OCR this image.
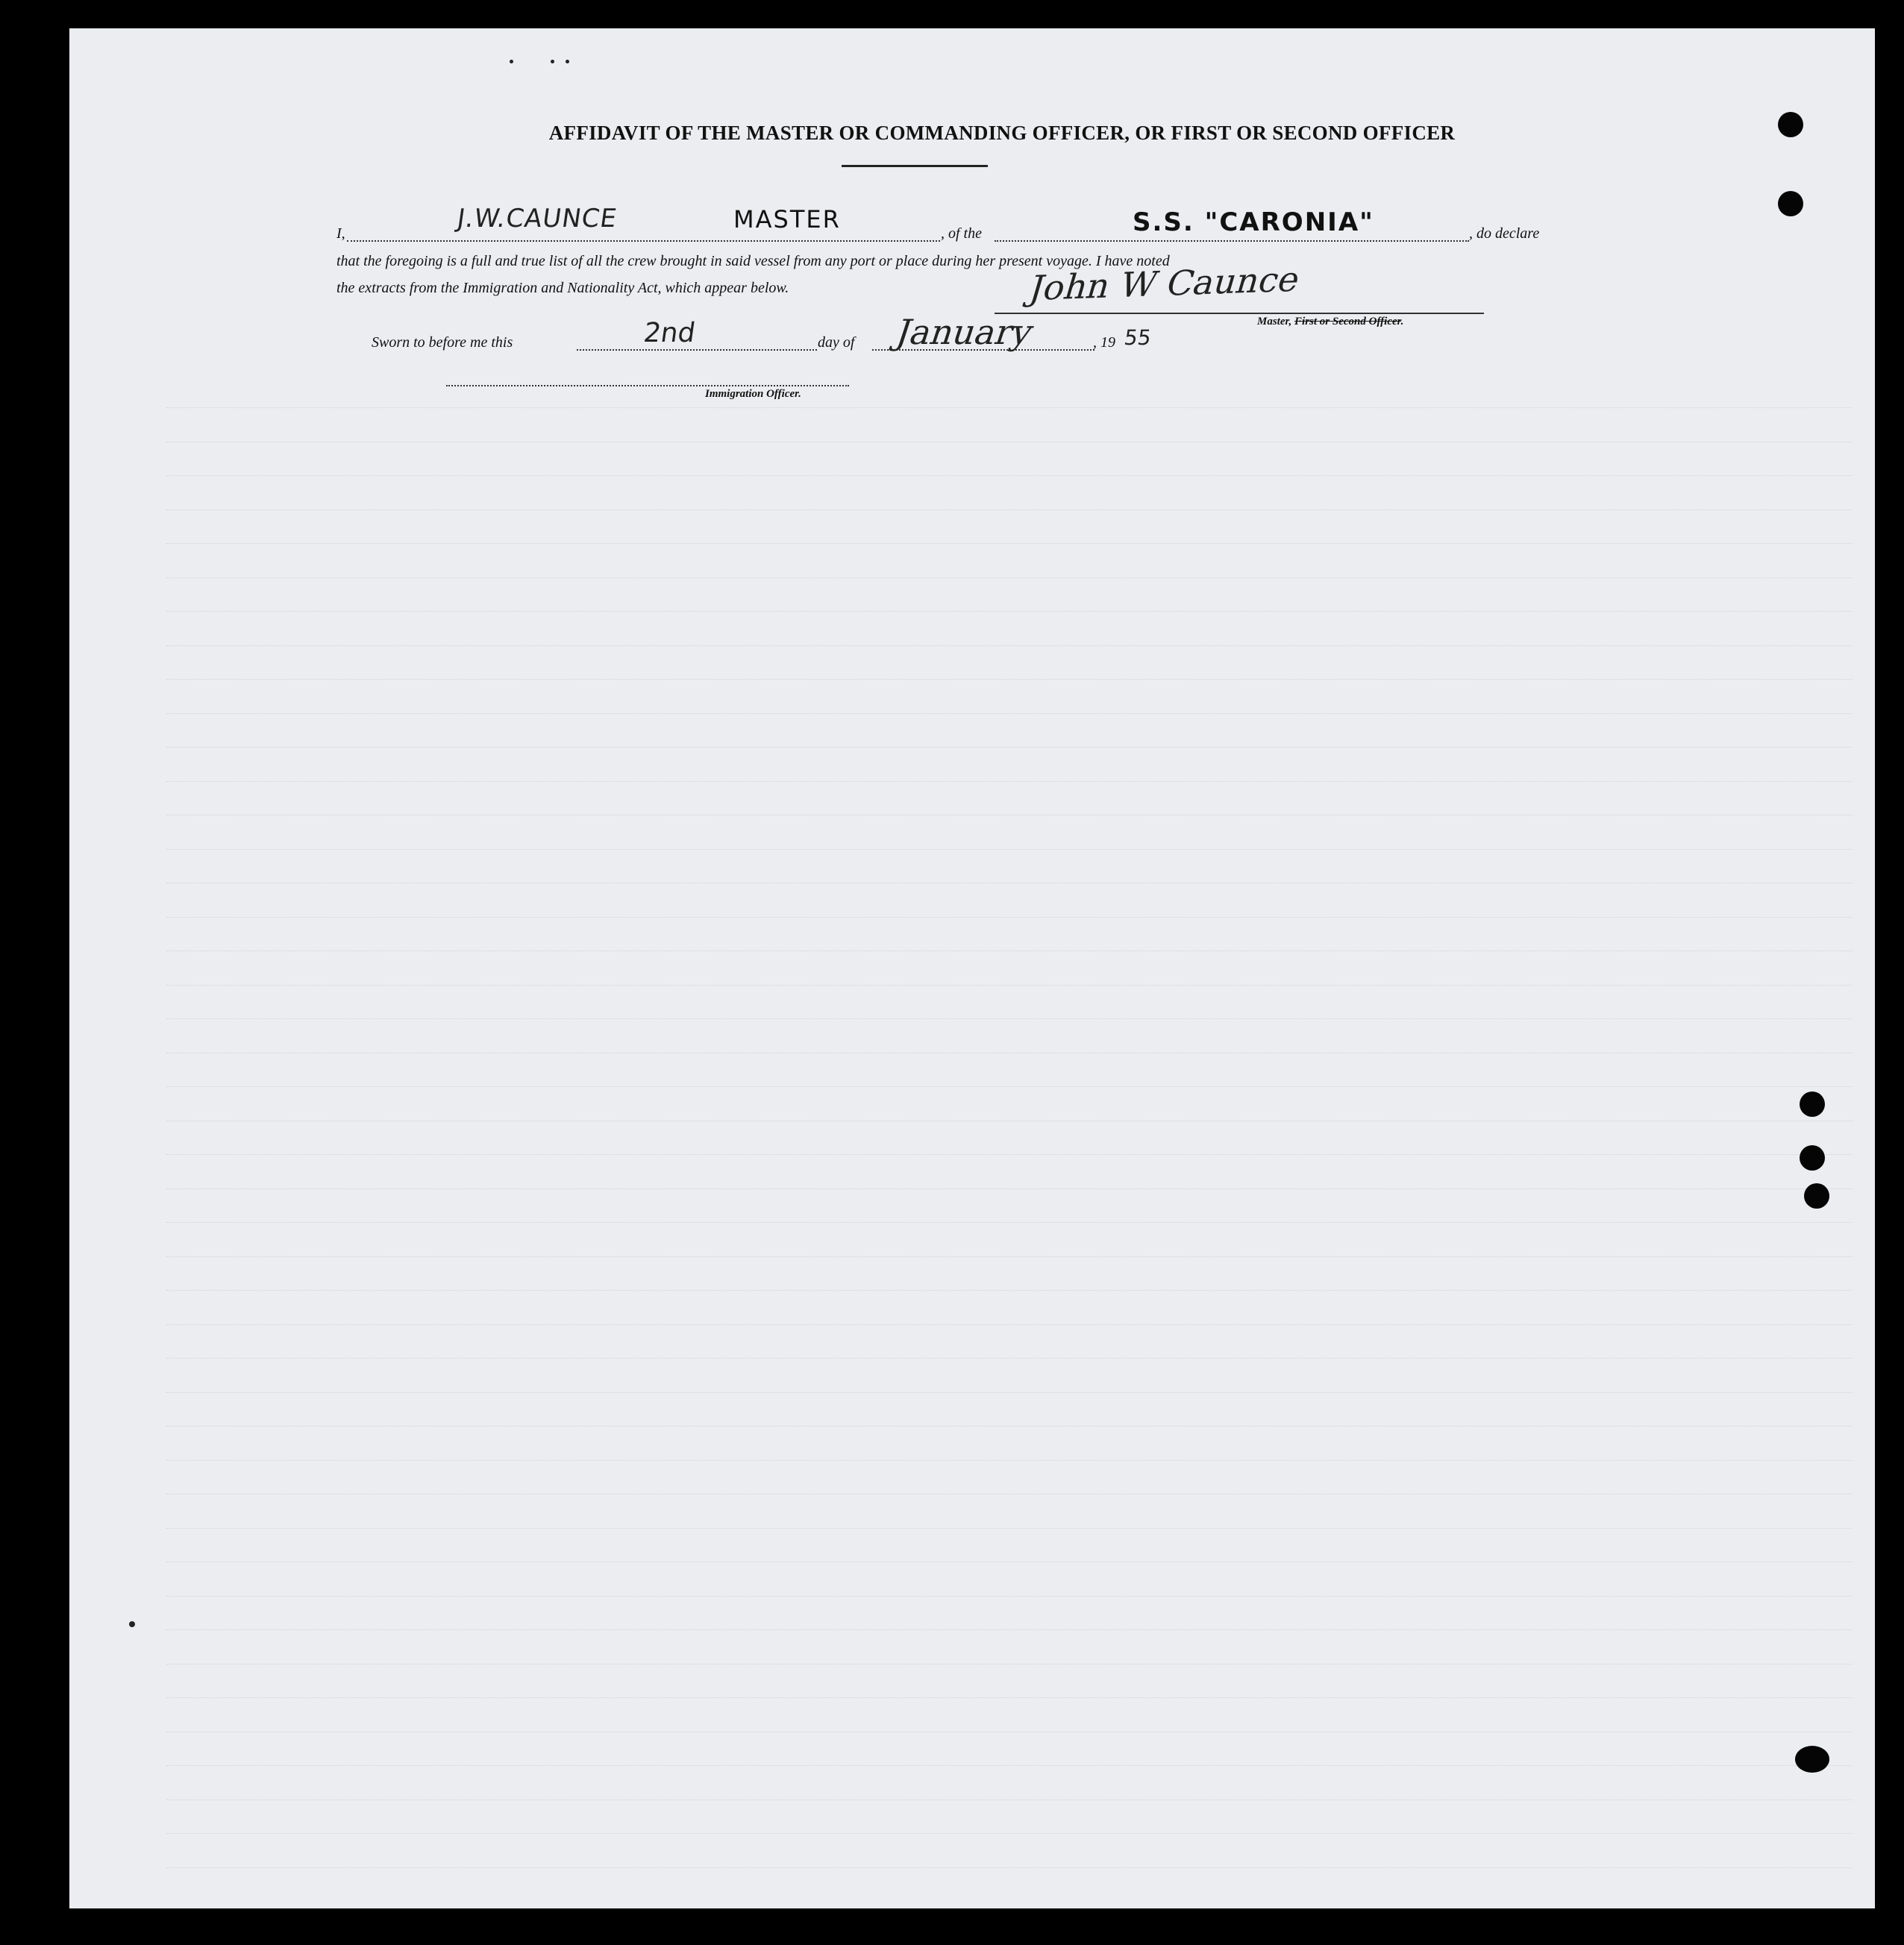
AFFIDAVIT OF THE MASTER OR COMMANDING OFFICER, OR FIRST OR SECOND OFFICER
I,	J.W.CAUNCE	MASTER	, of the	S.S. "CARONIA"	, do declare
that the foregoing is a full and true list of all the crew brought in said vessel from any port or place during her present voyage. I have noted
the extracts from the Immigration and Nationality Act, which appear below.	John W Caunce
Master, First or Second Officer.
Sworn to before me this	2nd	day of January	, 19 55
Immigration Officer.
